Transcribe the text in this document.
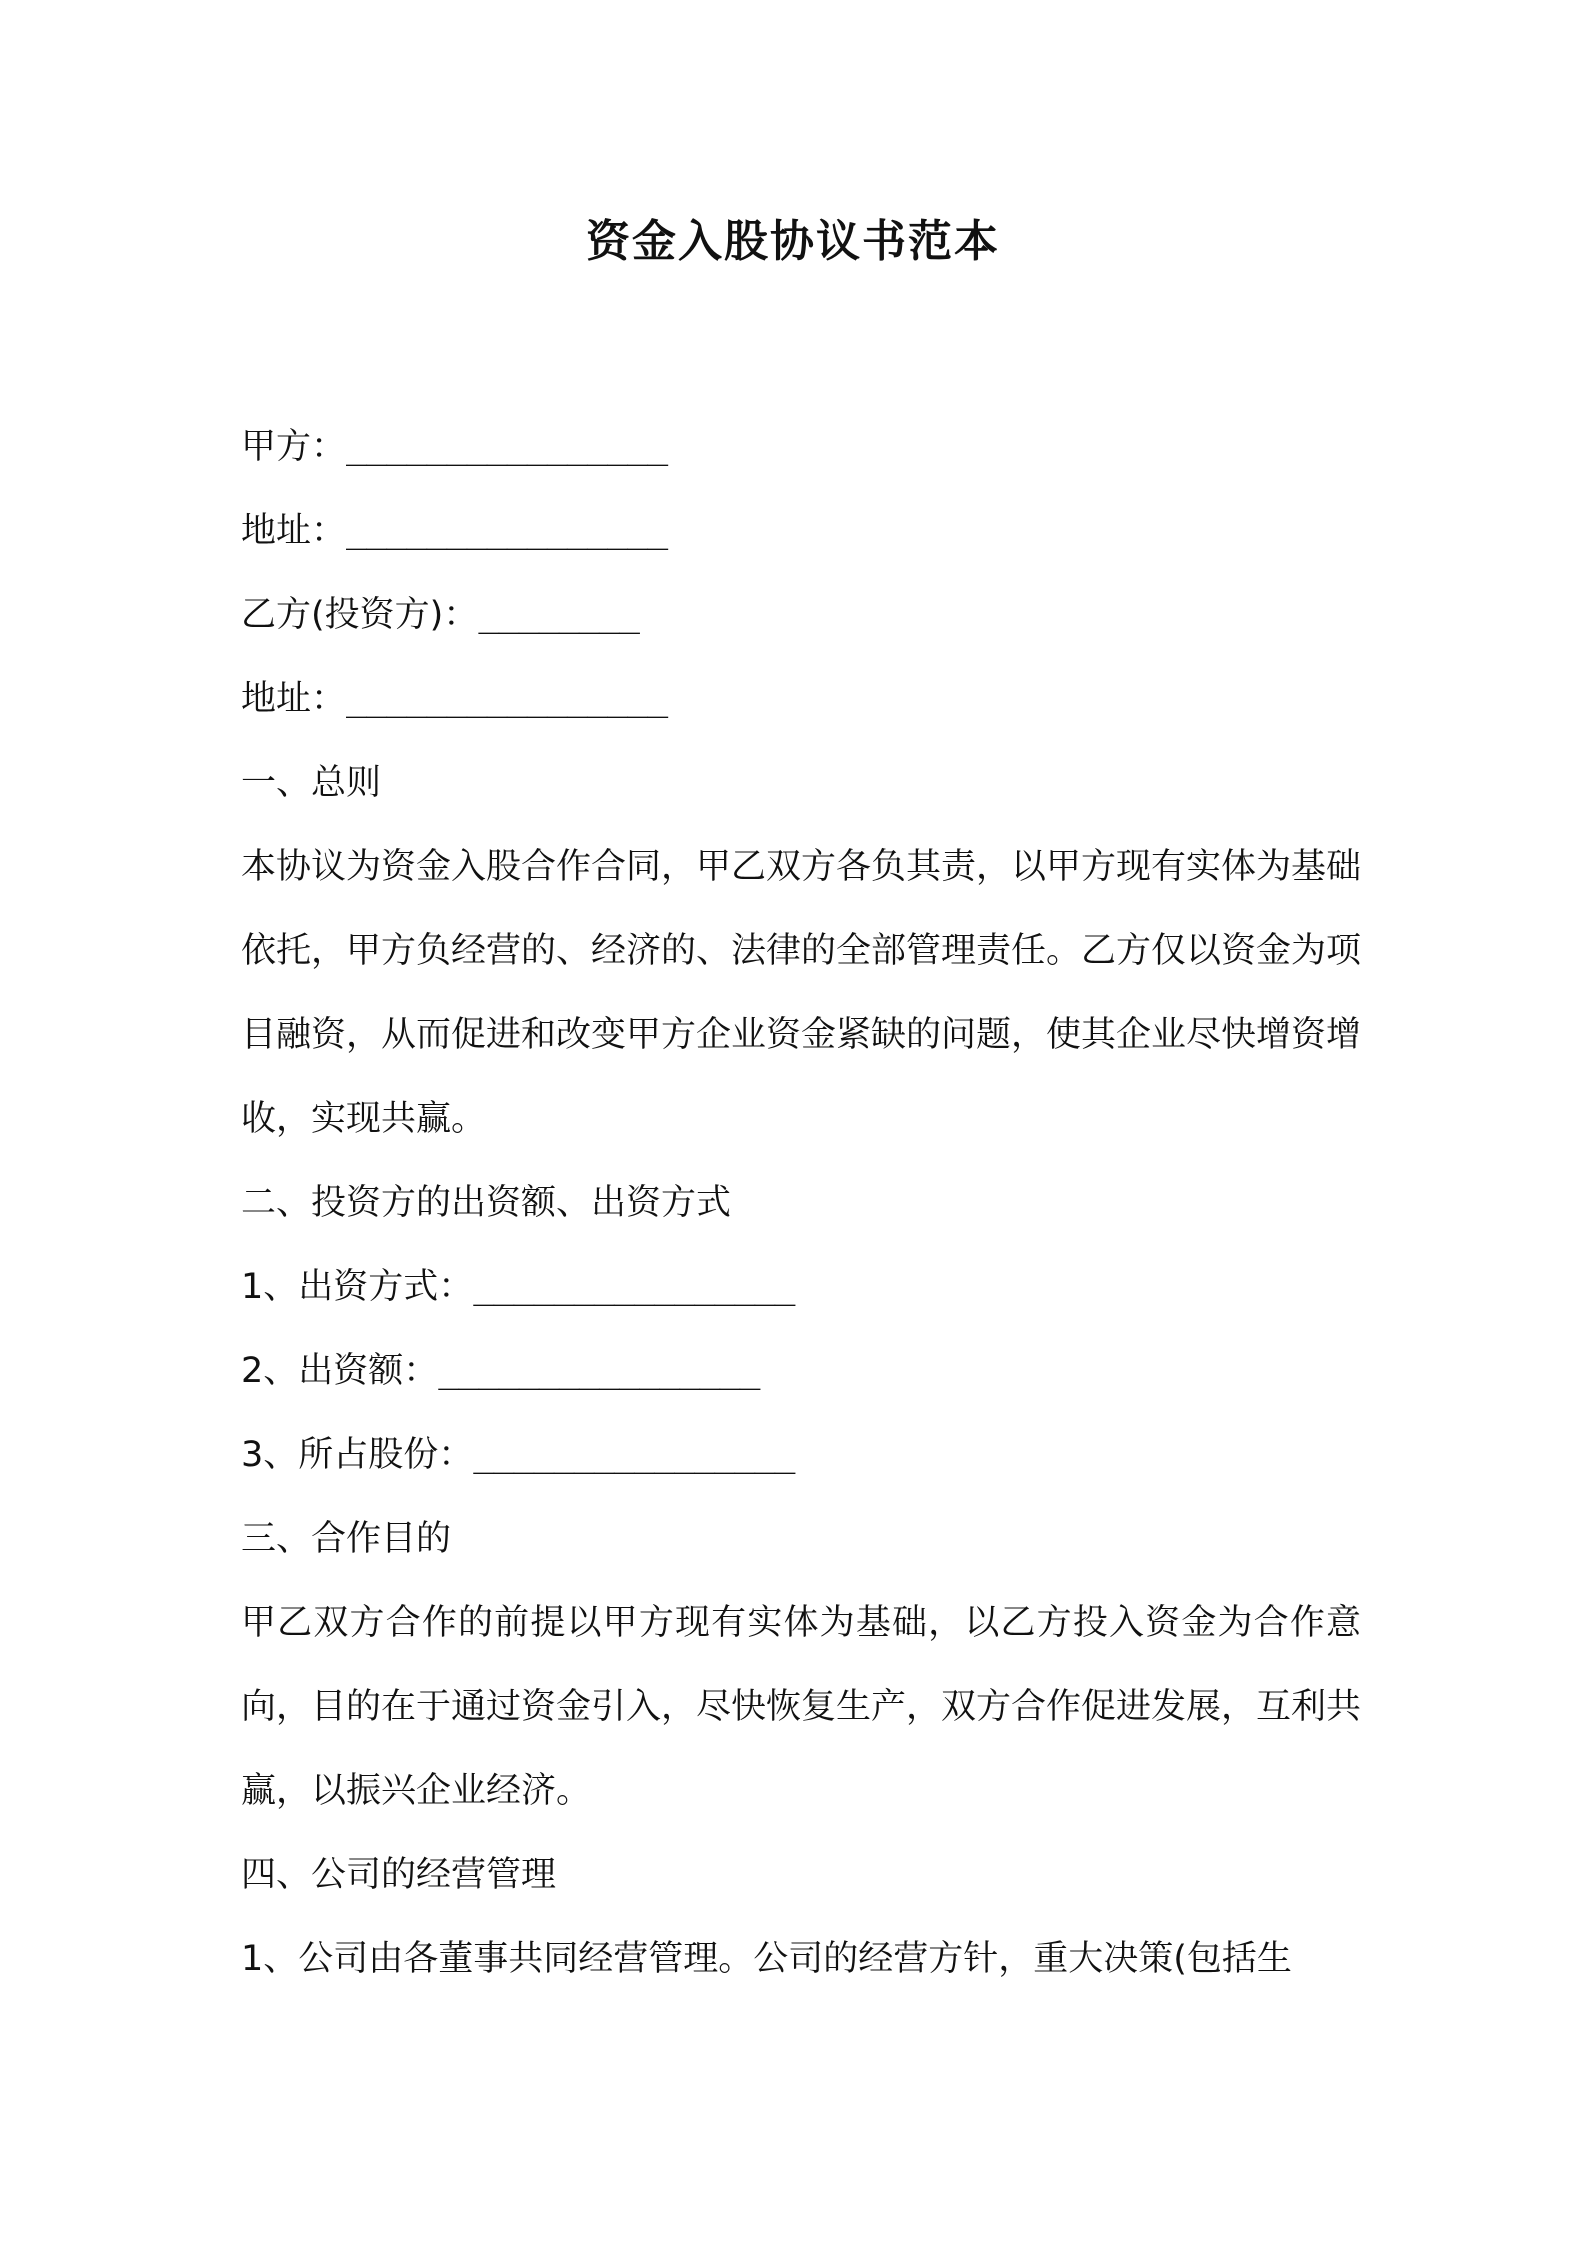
资金入股协议书范本

甲方：________________

地址：________________

乙方(投资方)：________

地址：________________

一、总则

本协议为资金入股合作合同，甲乙双方各负其责，以甲方现有实体为基础依托，甲方负经营的、经济的、法律的全部管理责任。乙方仅以资金为项目融资，从而促进和改变甲方企业资金紧缺的问题，使其企业尽快增资增收，实现共赢。

二、投资方的出资额、出资方式

1、出资方式：________________

2、出资额：________________

3、所占股份：________________

三、合作目的

甲乙双方合作的前提以甲方现有实体为基础，以乙方投入资金为合作意向，目的在于通过资金引入，尽快恢复生产，双方合作促进发展，互利共赢，以振兴企业经济。

四、公司的经营管理

1、公司由各董事共同经营管理。公司的经营方针，重大决策(包括生
